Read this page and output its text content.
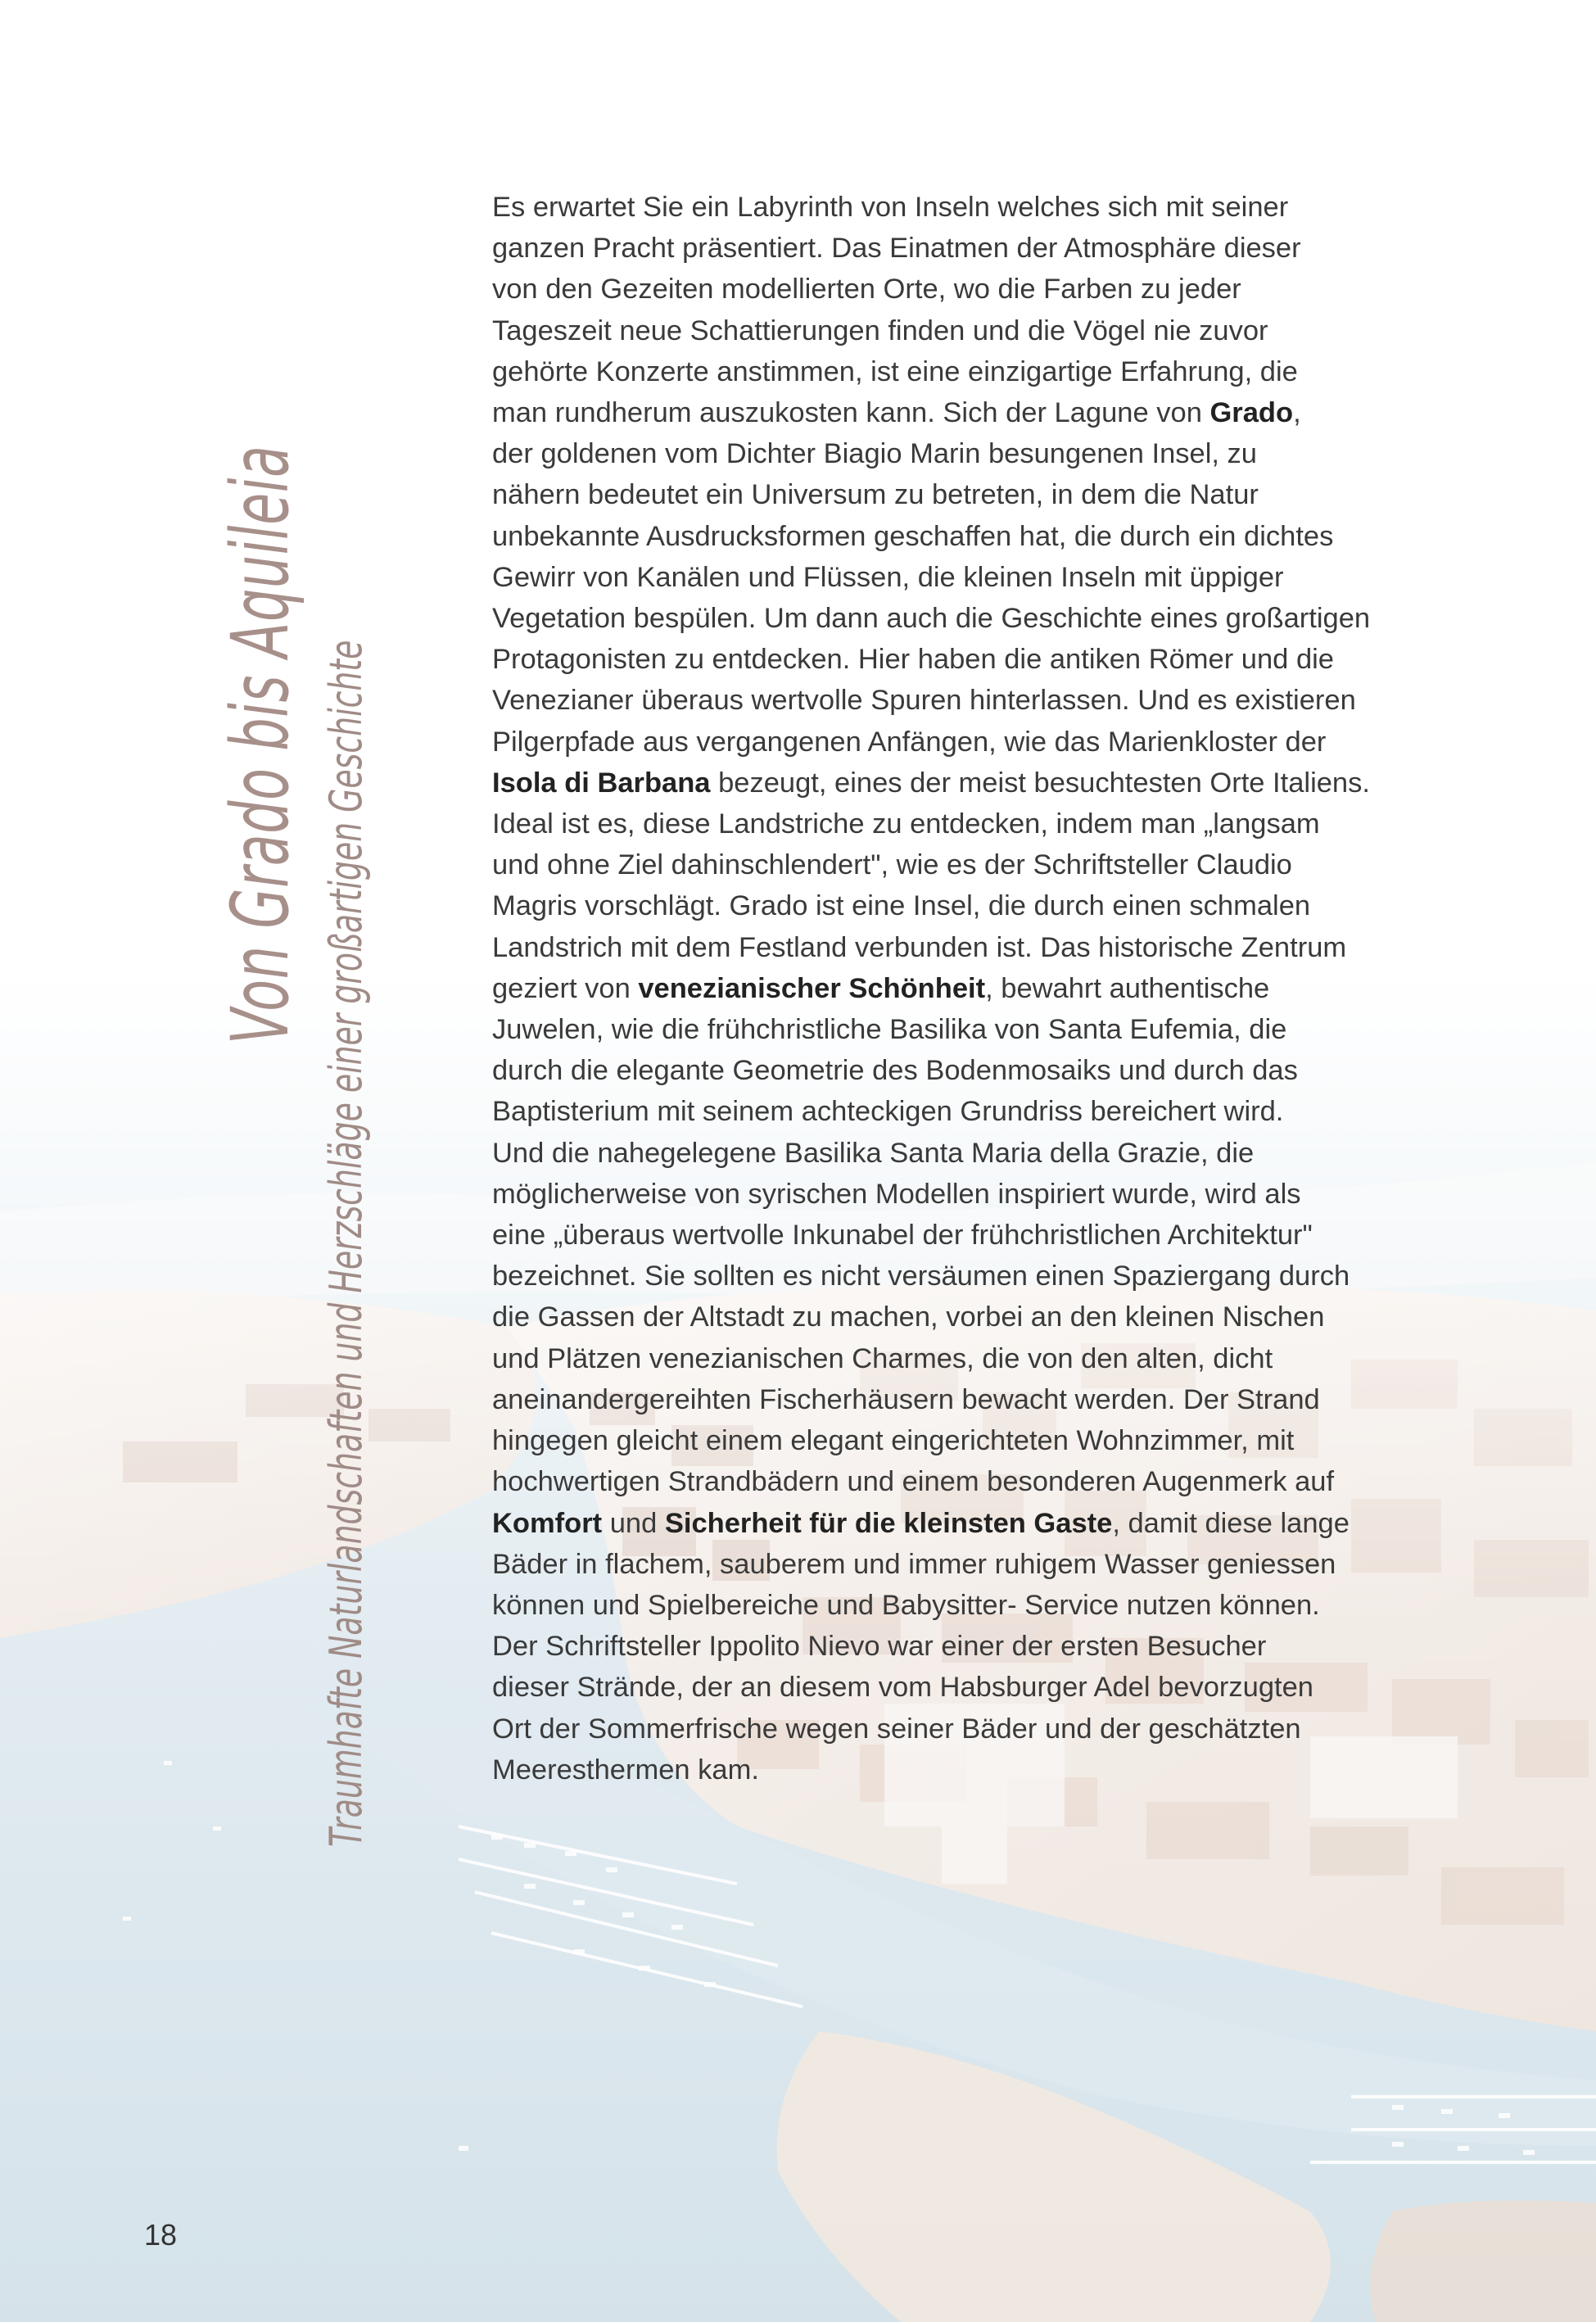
Von Grado bis Aquileia Traumhafte Naturlandschaften und Herzschläge einer großartigen Geschichte
Es erwartet Sie ein Labyrinth von Inseln welches sich mit seiner
ganzen Pracht präsentiert. Das Einatmen der Atmosphäre dieser
von den Gezeiten modellierten Orte, wo die Farben zu jeder
Tageszeit neue Schattierungen finden und die Vögel nie zuvor
gehörte Konzerte anstimmen, ist eine einzigartige Erfahrung, die
man rundherum auszukosten kann. Sich der Lagune von Grado,
der goldenen vom Dichter Biagio Marin besungenen Insel, zu
nähern bedeutet ein Universum zu betreten, in dem die Natur
unbekannte Ausdrucksformen geschaffen hat, die durch ein dichtes
Gewirr von Kanälen und Flüssen, die kleinen Inseln mit üppiger
Vegetation bespülen. Um dann auch die Geschichte eines großartigen
Protagonisten zu entdecken. Hier haben die antiken Römer und die
Venezianer überaus wertvolle Spuren hinterlassen. Und es existieren
Pilgerpfade aus vergangenen Anfängen, wie das Marienkloster der
Isola di Barbana bezeugt, eines der meist besuchtesten Orte Italiens.
Ideal ist es, diese Landstriche zu entdecken, indem man „langsam
und ohne Ziel dahinschlendert", wie es der Schriftsteller Claudio
Magris vorschlägt. Grado ist eine Insel, die durch einen schmalen
Landstrich mit dem Festland verbunden ist. Das historische Zentrum
geziert von venezianischer Schönheit, bewahrt authentische
Juwelen, wie die frühchristliche Basilika von Santa Eufemia, die
durch die elegante Geometrie des Bodenmosaiks und durch das
Baptisterium mit seinem achteckigen Grundriss bereichert wird.
Und die nahegelegene Basilika Santa Maria della Grazie, die
möglicherweise von syrischen Modellen inspiriert wurde, wird als
eine „überaus wertvolle Inkunabel der frühchristlichen Architektur"
bezeichnet. Sie sollten es nicht versäumen einen Spaziergang durch
die Gassen der Altstadt zu machen, vorbei an den kleinen Nischen
und Plätzen venezianischen Charmes, die von den alten, dicht
aneinandergereihten Fischerhäusern bewacht werden. Der Strand
hingegen gleicht einem elegant eingerichteten Wohnzimmer, mit
hochwertigen Strandbädern und einem besonderen Augenmerk auf
Komfort und Sicherheit für die kleinsten Gaste, damit diese lange
Bäder in flachem, sauberem und immer ruhigem Wasser geniessen
können und Spielbereiche und Babysitter- Service nutzen können.
Der Schriftsteller Ippolito Nievo war einer der ersten Besucher
dieser Strände, der an diesem vom Habsburger Adel bevorzugten
Ort der Sommerfrische wegen seiner Bäder und der geschätzten
Meeresthermen kam.
18
